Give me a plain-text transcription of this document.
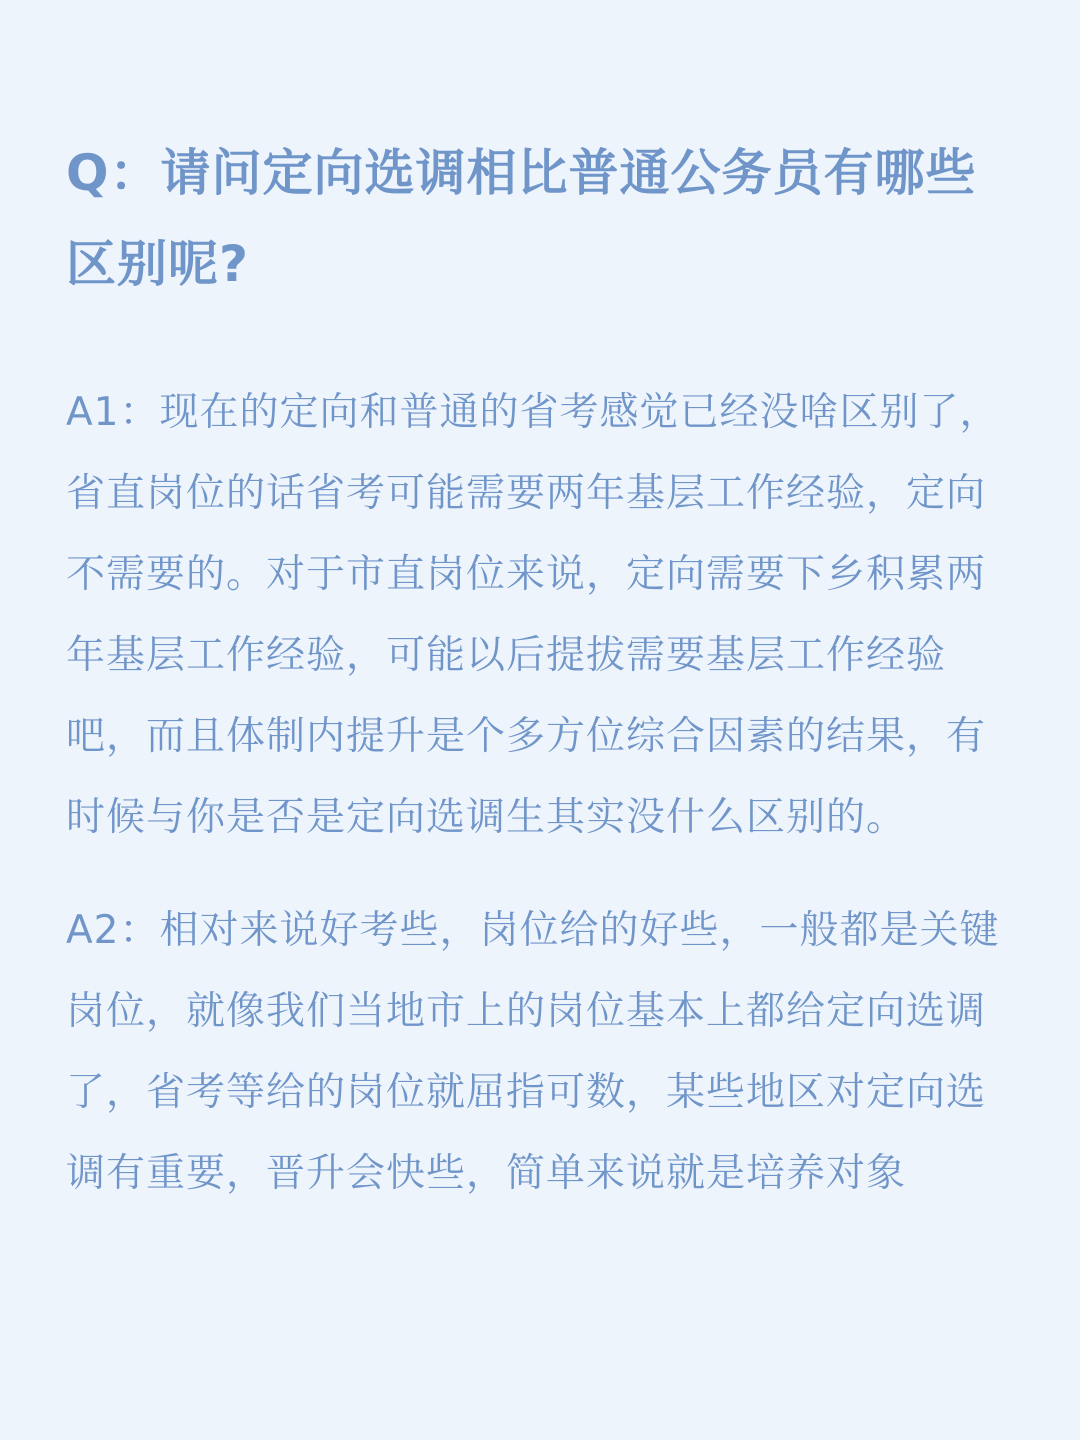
Q：请问定向选调相比普通公务员有哪些区别呢?

A1：现在的定向和普通的省考感觉已经没啥区别了，省直岗位的话省考可能需要两年基层工作经验，定向不需要的。对于市直岗位来说，定向需要下乡积累两年基层工作经验，可能以后提拔需要基层工作经验吧，而且体制内提升是个多方位综合因素的结果，有时候与你是否是定向选调生其实没什么区别的。

A2：相对来说好考些，岗位给的好些，一般都是关键岗位，就像我们当地市上的岗位基本上都给定向选调了，省考等给的岗位就屈指可数，某些地区对定向选调有重要，晋升会快些，简单来说就是培养对象
